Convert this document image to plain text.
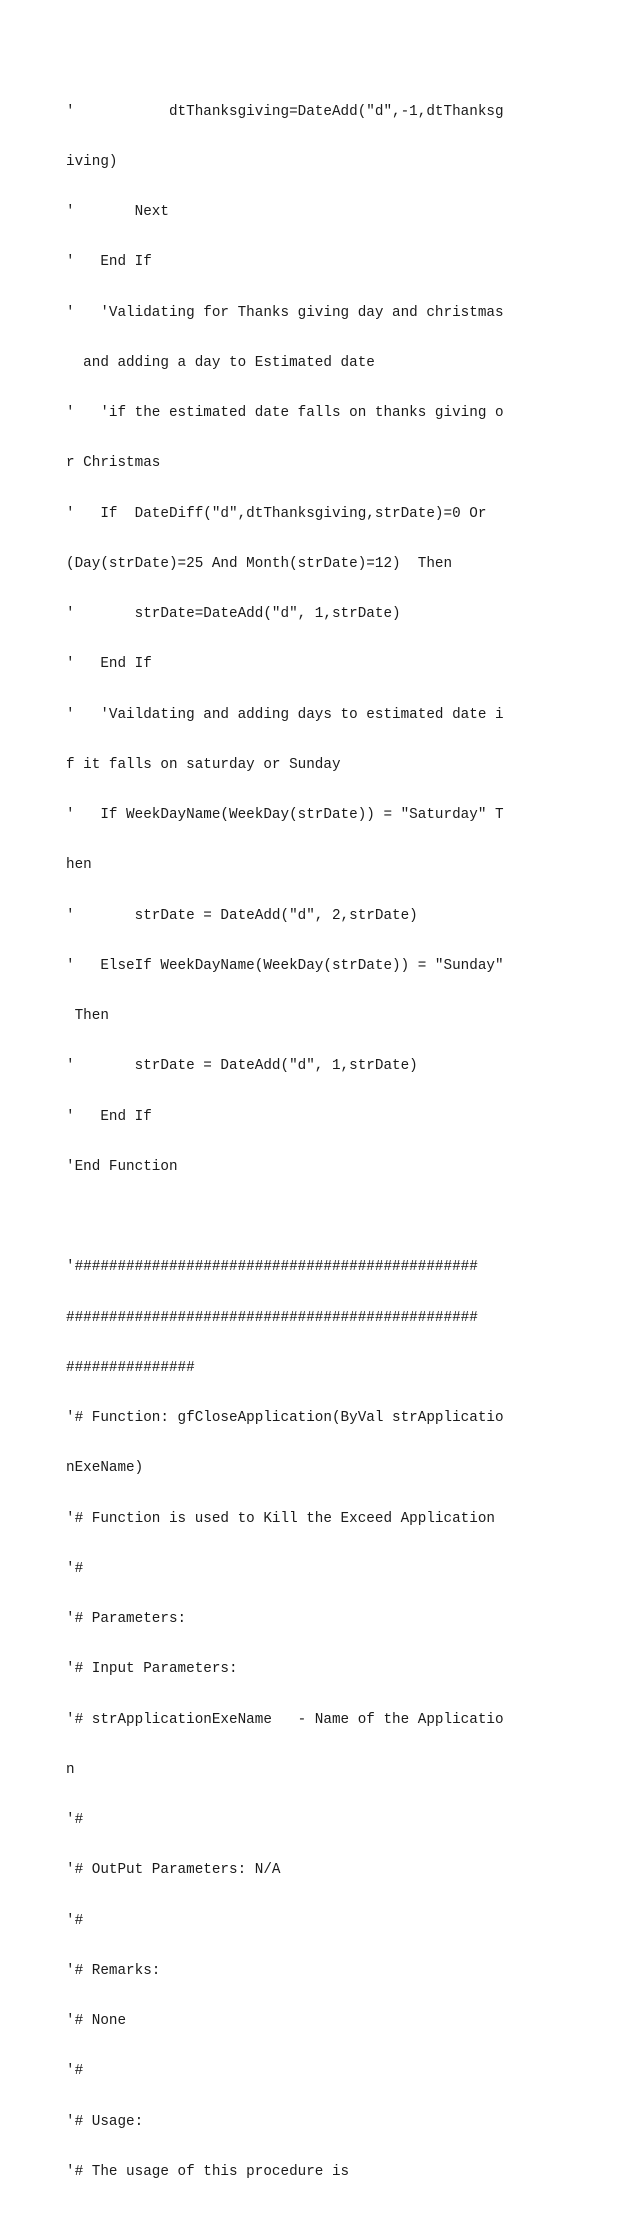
'           dtThanksgiving=DateAdd("d",-1,dtThanksg

iving)

'       Next

'   End If

'   'Validating for Thanks giving day and christmas

and adding a day to Estimated date

'   'if the estimated date falls on thanks giving o

r Christmas

'   If  DateDiff("d",dtThanksgiving,strDate)=0 Or

(Day(strDate)=25 And Month(strDate)=12)  Then

'       strDate=DateAdd("d", 1,strDate)

'   End If

'   'Vaildating and adding days to estimated date i

f it falls on saturday or Sunday

'   If WeekDayName(WeekDay(strDate)) = "Saturday" T

hen

'       strDate = DateAdd("d", 2,strDate)

'   ElseIf WeekDayName(WeekDay(strDate)) = "Sunday"

Then

'       strDate = DateAdd("d", 1,strDate)

'   End If

'End Function

'###############################################

################################################

###############

'# Function: gfCloseApplication(ByVal strApplicatio

nExeName)

'# Function is used to Kill the Exceed Application

'#

'# Parameters:

'# Input Parameters:

'# strApplicationExeName   - Name of the Applicatio

n

'#

'# OutPut Parameters: N/A

'#

'# Remarks:

'# None

'#

'# Usage:

'# The usage of this procedure is
